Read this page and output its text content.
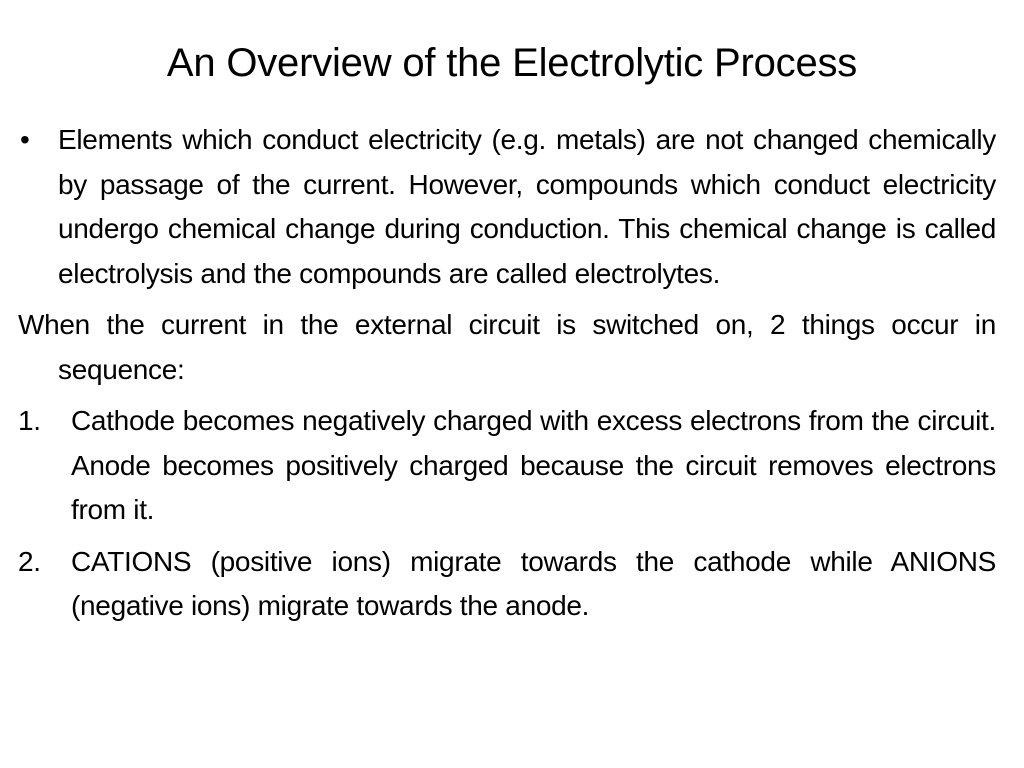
An Overview of the Electrolytic Process

•	Elements which conduct electricity (e.g. metals) are not changed chemically by passage of the current. However, compounds which conduct electricity undergo chemical change during conduction. This chemical change is called electrolysis and the compounds are called electrolytes.

When the current in the external circuit is switched on, 2 things occur in sequence:

1.	Cathode becomes negatively charged with excess electrons from the circuit. Anode becomes positively charged because the circuit removes electrons from it.

2.	CATIONS (positive ions) migrate towards the cathode while ANIONS (negative ions) migrate towards the anode.
